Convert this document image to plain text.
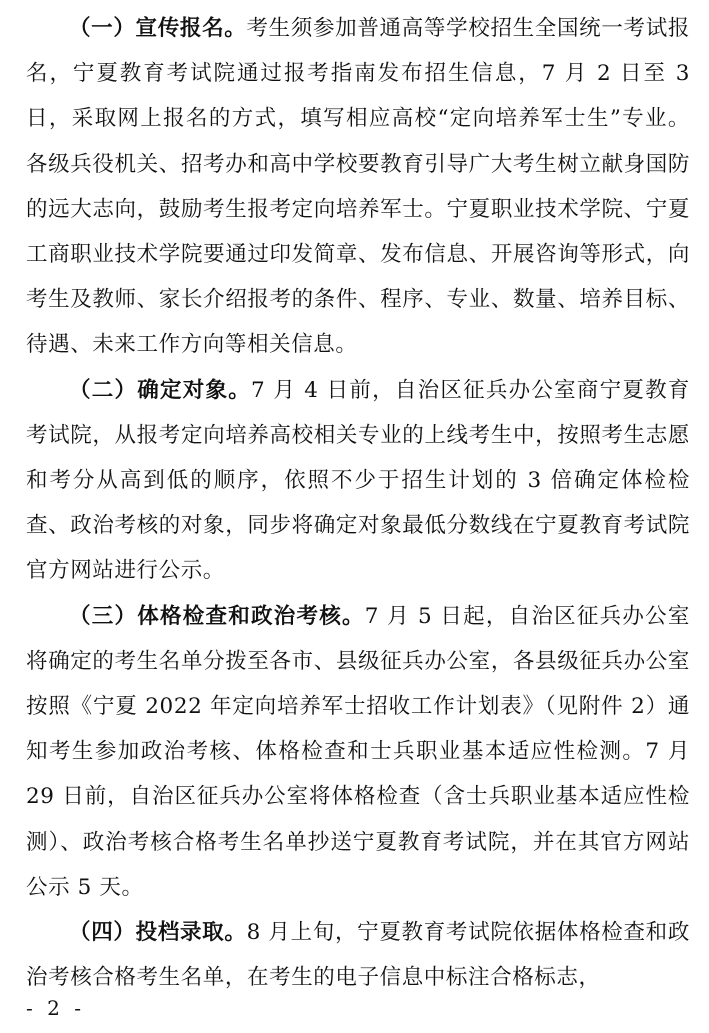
（一）宣传报名。考生须参加普通高等学校招生全国统一考试报名，宁夏教育考试院通过报考指南发布招生信息，7 月 2 日至 3 日，采取网上报名的方式，填写相应高校“定向培养军士生”专业。各级兵役机关、招考办和高中学校要教育引导广大考生树立献身国防的远大志向，鼓励考生报考定向培养军士。宁夏职业技术学院、宁夏工商职业技术学院要通过印发简章、发布信息、开展咨询等形式，向考生及教师、家长介绍报考的条件、程序、专业、数量、培养目标、待遇、未来工作方向等相关信息。

（二）确定对象。7 月 4 日前，自治区征兵办公室商宁夏教育考试院，从报考定向培养高校相关专业的上线考生中，按照考生志愿和考分从高到低的顺序，依照不少于招生计划的 3 倍确定体检检查、政治考核的对象，同步将确定对象最低分数线在宁夏教育考试院官方网站进行公示。

（三）体格检查和政治考核。7 月 5 日起，自治区征兵办公室将确定的考生名单分拨至各市、县级征兵办公室，各县级征兵办公室按照《宁夏 2022 年定向培养军士招收工作计划表》（见附件 2）通知考生参加政治考核、体格检查和士兵职业基本适应性检测。7 月 29 日前，自治区征兵办公室将体格检查（含士兵职业基本适应性检测）、政治考核合格考生名单抄送宁夏教育考试院，并在其官方网站公示 5 天。

（四）投档录取。8 月上旬，宁夏教育考试院依据体格检查和政治考核合格考生名单，在考生的电子信息中标注合格标志，

- 2 -
